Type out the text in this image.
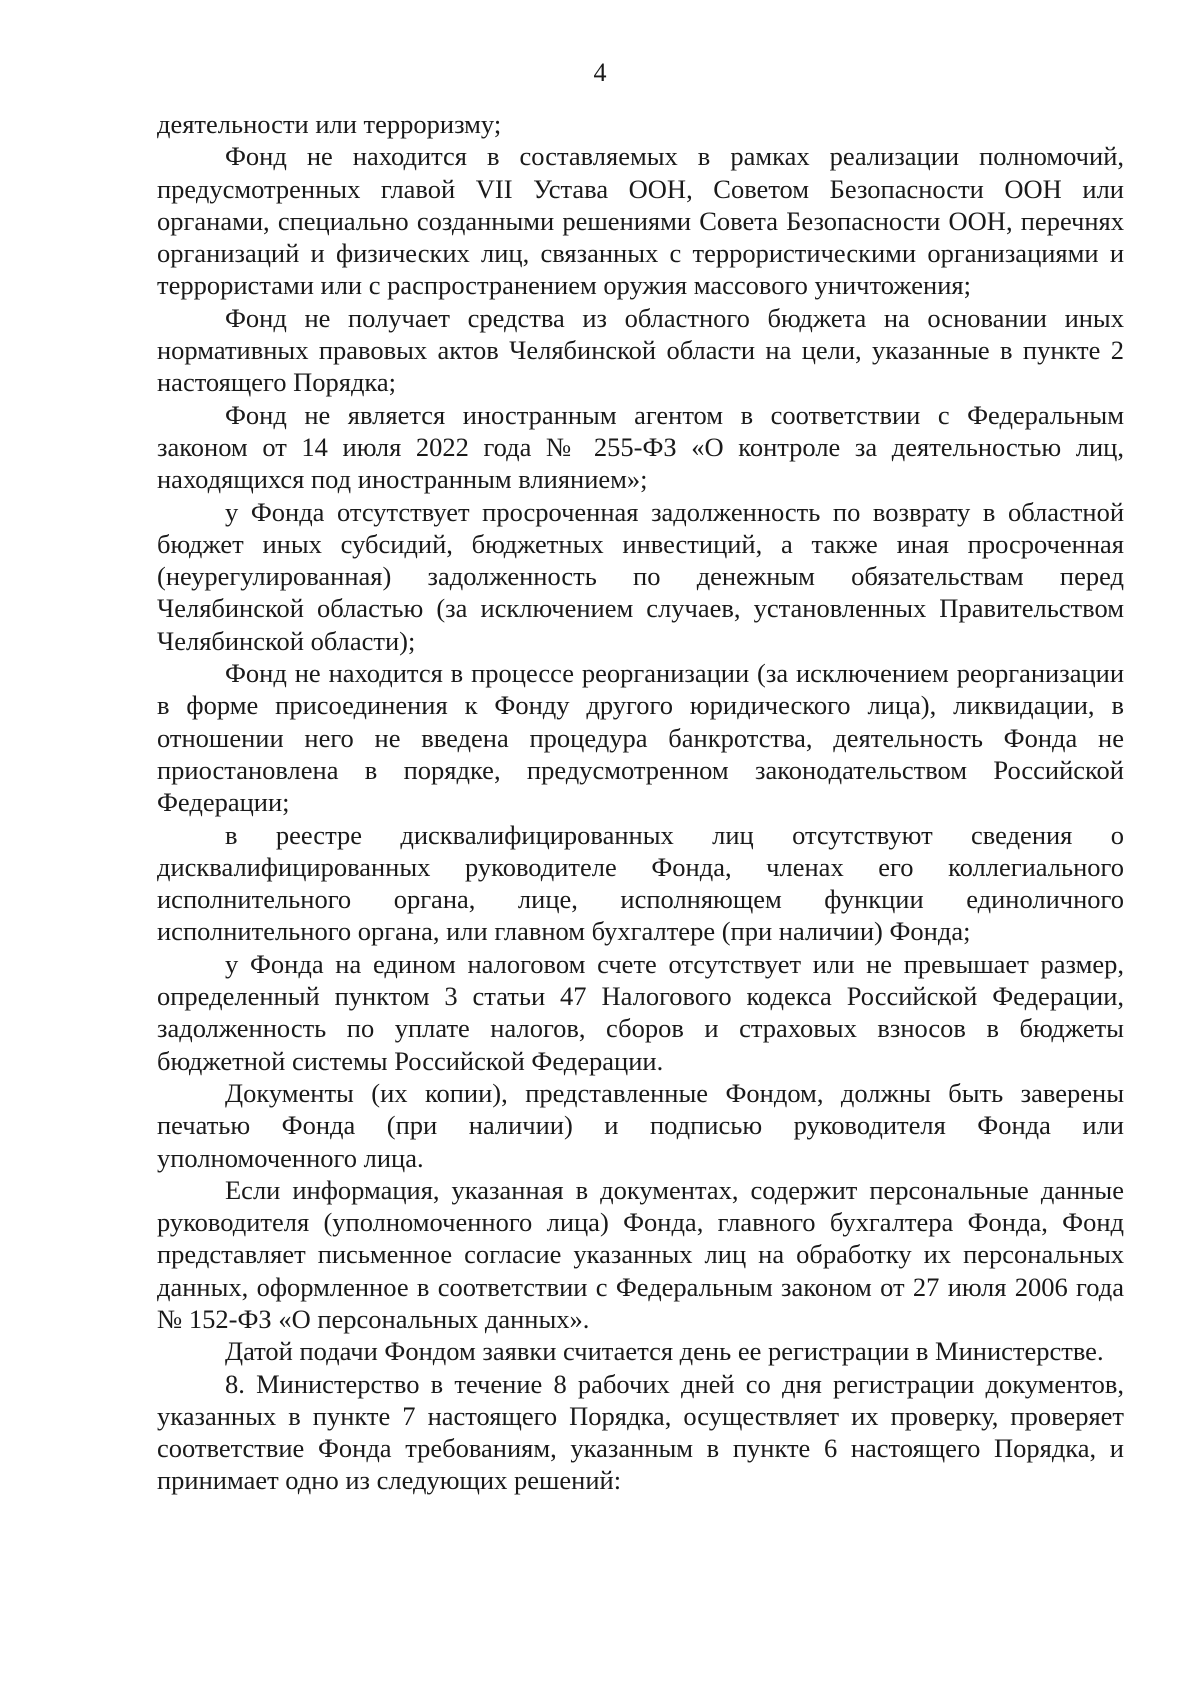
4

деятельности или терроризму;

Фонд не находится в составляемых в рамках реализации полномочий, предусмотренных главой VII Устава ООН, Советом Безопасности ООН или органами, специально созданными решениями Совета Безопасности ООН, перечнях организаций и физических лиц, связанных с террористическими организациями и террористами или с распространением оружия массового уничтожения;

Фонд не получает средства из областного бюджета на основании иных нормативных правовых актов Челябинской области на цели, указанные в пункте 2 настоящего Порядка;

Фонд не является иностранным агентом в соответствии с Федеральным законом от 14 июля 2022 года № 255-ФЗ «О контроле за деятельностью лиц, находящихся под иностранным влиянием»;

у Фонда отсутствует просроченная задолженность по возврату в областной бюджет иных субсидий, бюджетных инвестиций, а также иная просроченная (неурегулированная) задолженность по денежным обязательствам перед Челябинской областью (за исключением случаев, установленных Правительством Челябинской области);

Фонд не находится в процессе реорганизации (за исключением реорганизации в форме присоединения к Фонду другого юридического лица), ликвидации, в отношении него не введена процедура банкротства, деятельность Фонда не приостановлена в порядке, предусмотренном законодательством Российской Федерации;

в реестре дисквалифицированных лиц отсутствуют сведения о дисквалифицированных руководителе Фонда, членах его коллегиального исполнительного органа, лице, исполняющем функции единоличного исполнительного органа, или главном бухгалтере (при наличии) Фонда;

у Фонда на едином налоговом счете отсутствует или не превышает размер, определенный пунктом 3 статьи 47 Налогового кодекса Российской Федерации, задолженность по уплате налогов, сборов и страховых взносов в бюджеты бюджетной системы Российской Федерации.

Документы (их копии), представленные Фондом, должны быть заверены печатью Фонда (при наличии) и подписью руководителя Фонда или уполномоченного лица.

Если информация, указанная в документах, содержит персональные данные руководителя (уполномоченного лица) Фонда, главного бухгалтера Фонда, Фонд представляет письменное согласие указанных лиц на обработку их персональных данных, оформленное в соответствии с Федеральным законом от 27 июля 2006 года № 152-ФЗ «О персональных данных».

Датой подачи Фондом заявки считается день ее регистрации в Министерстве.

8. Министерство в течение 8 рабочих дней со дня регистрации документов, указанных в пункте 7 настоящего Порядка, осуществляет их проверку, проверяет соответствие Фонда требованиям, указанным в пункте 6 настоящего Порядка, и принимает одно из следующих решений:
